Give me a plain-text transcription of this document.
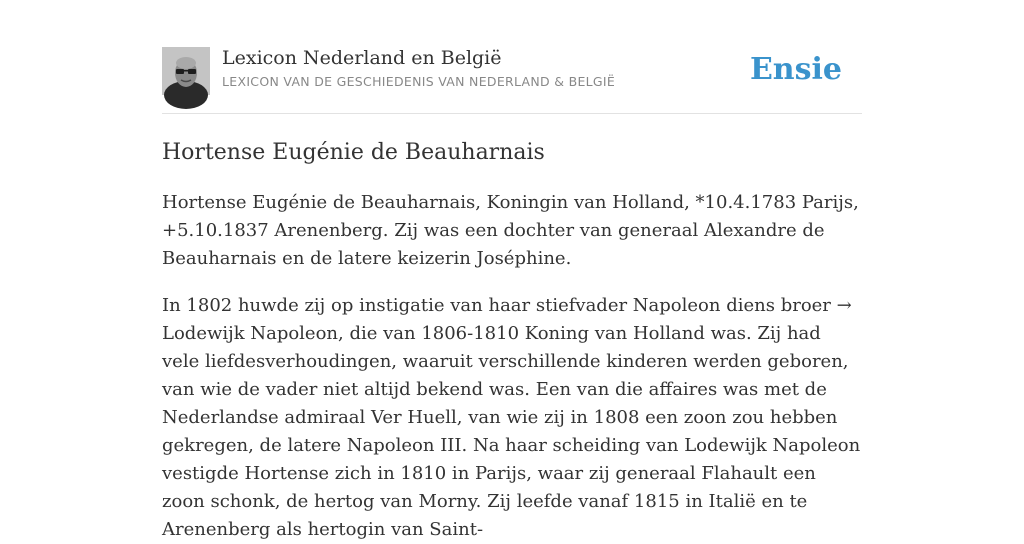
Lexicon Nederland en België
LEXICON VAN DE GESCHIEDENIS VAN NEDERLAND & BELGIË	Ensie
Hortense Eugénie de Beauharnais

Hortense Eugénie de Beauharnais, Koningin van Holland, *10.4.1783 Parijs, +5.10.1837 Arenenberg. Zij was een dochter van generaal Alexandre de Beauharnais en de latere keizerin Joséphine.

In 1802 huwde zij op instigatie van haar stiefvader Napoleon diens broer → Lodewijk Napoleon, die van 1806-1810 Koning van Holland was. Zij had vele liefdesverhoudingen, waaruit verschillende kinderen werden geboren, van wie de vader niet altijd bekend was. Een van die affaires was met de Nederlandse admiraal Ver Huell, van wie zij in 1808 een zoon zou hebben gekregen, de latere Napoleon III. Na haar scheiding van Lodewijk Napoleon vestigde Hortense zich in 1810 in Parijs, waar zij generaal Flahault een zoon schonk, de hertog van Morny. Zij leefde vanaf 1815 in Italië en te Arenenberg als hertogin van Saint-
